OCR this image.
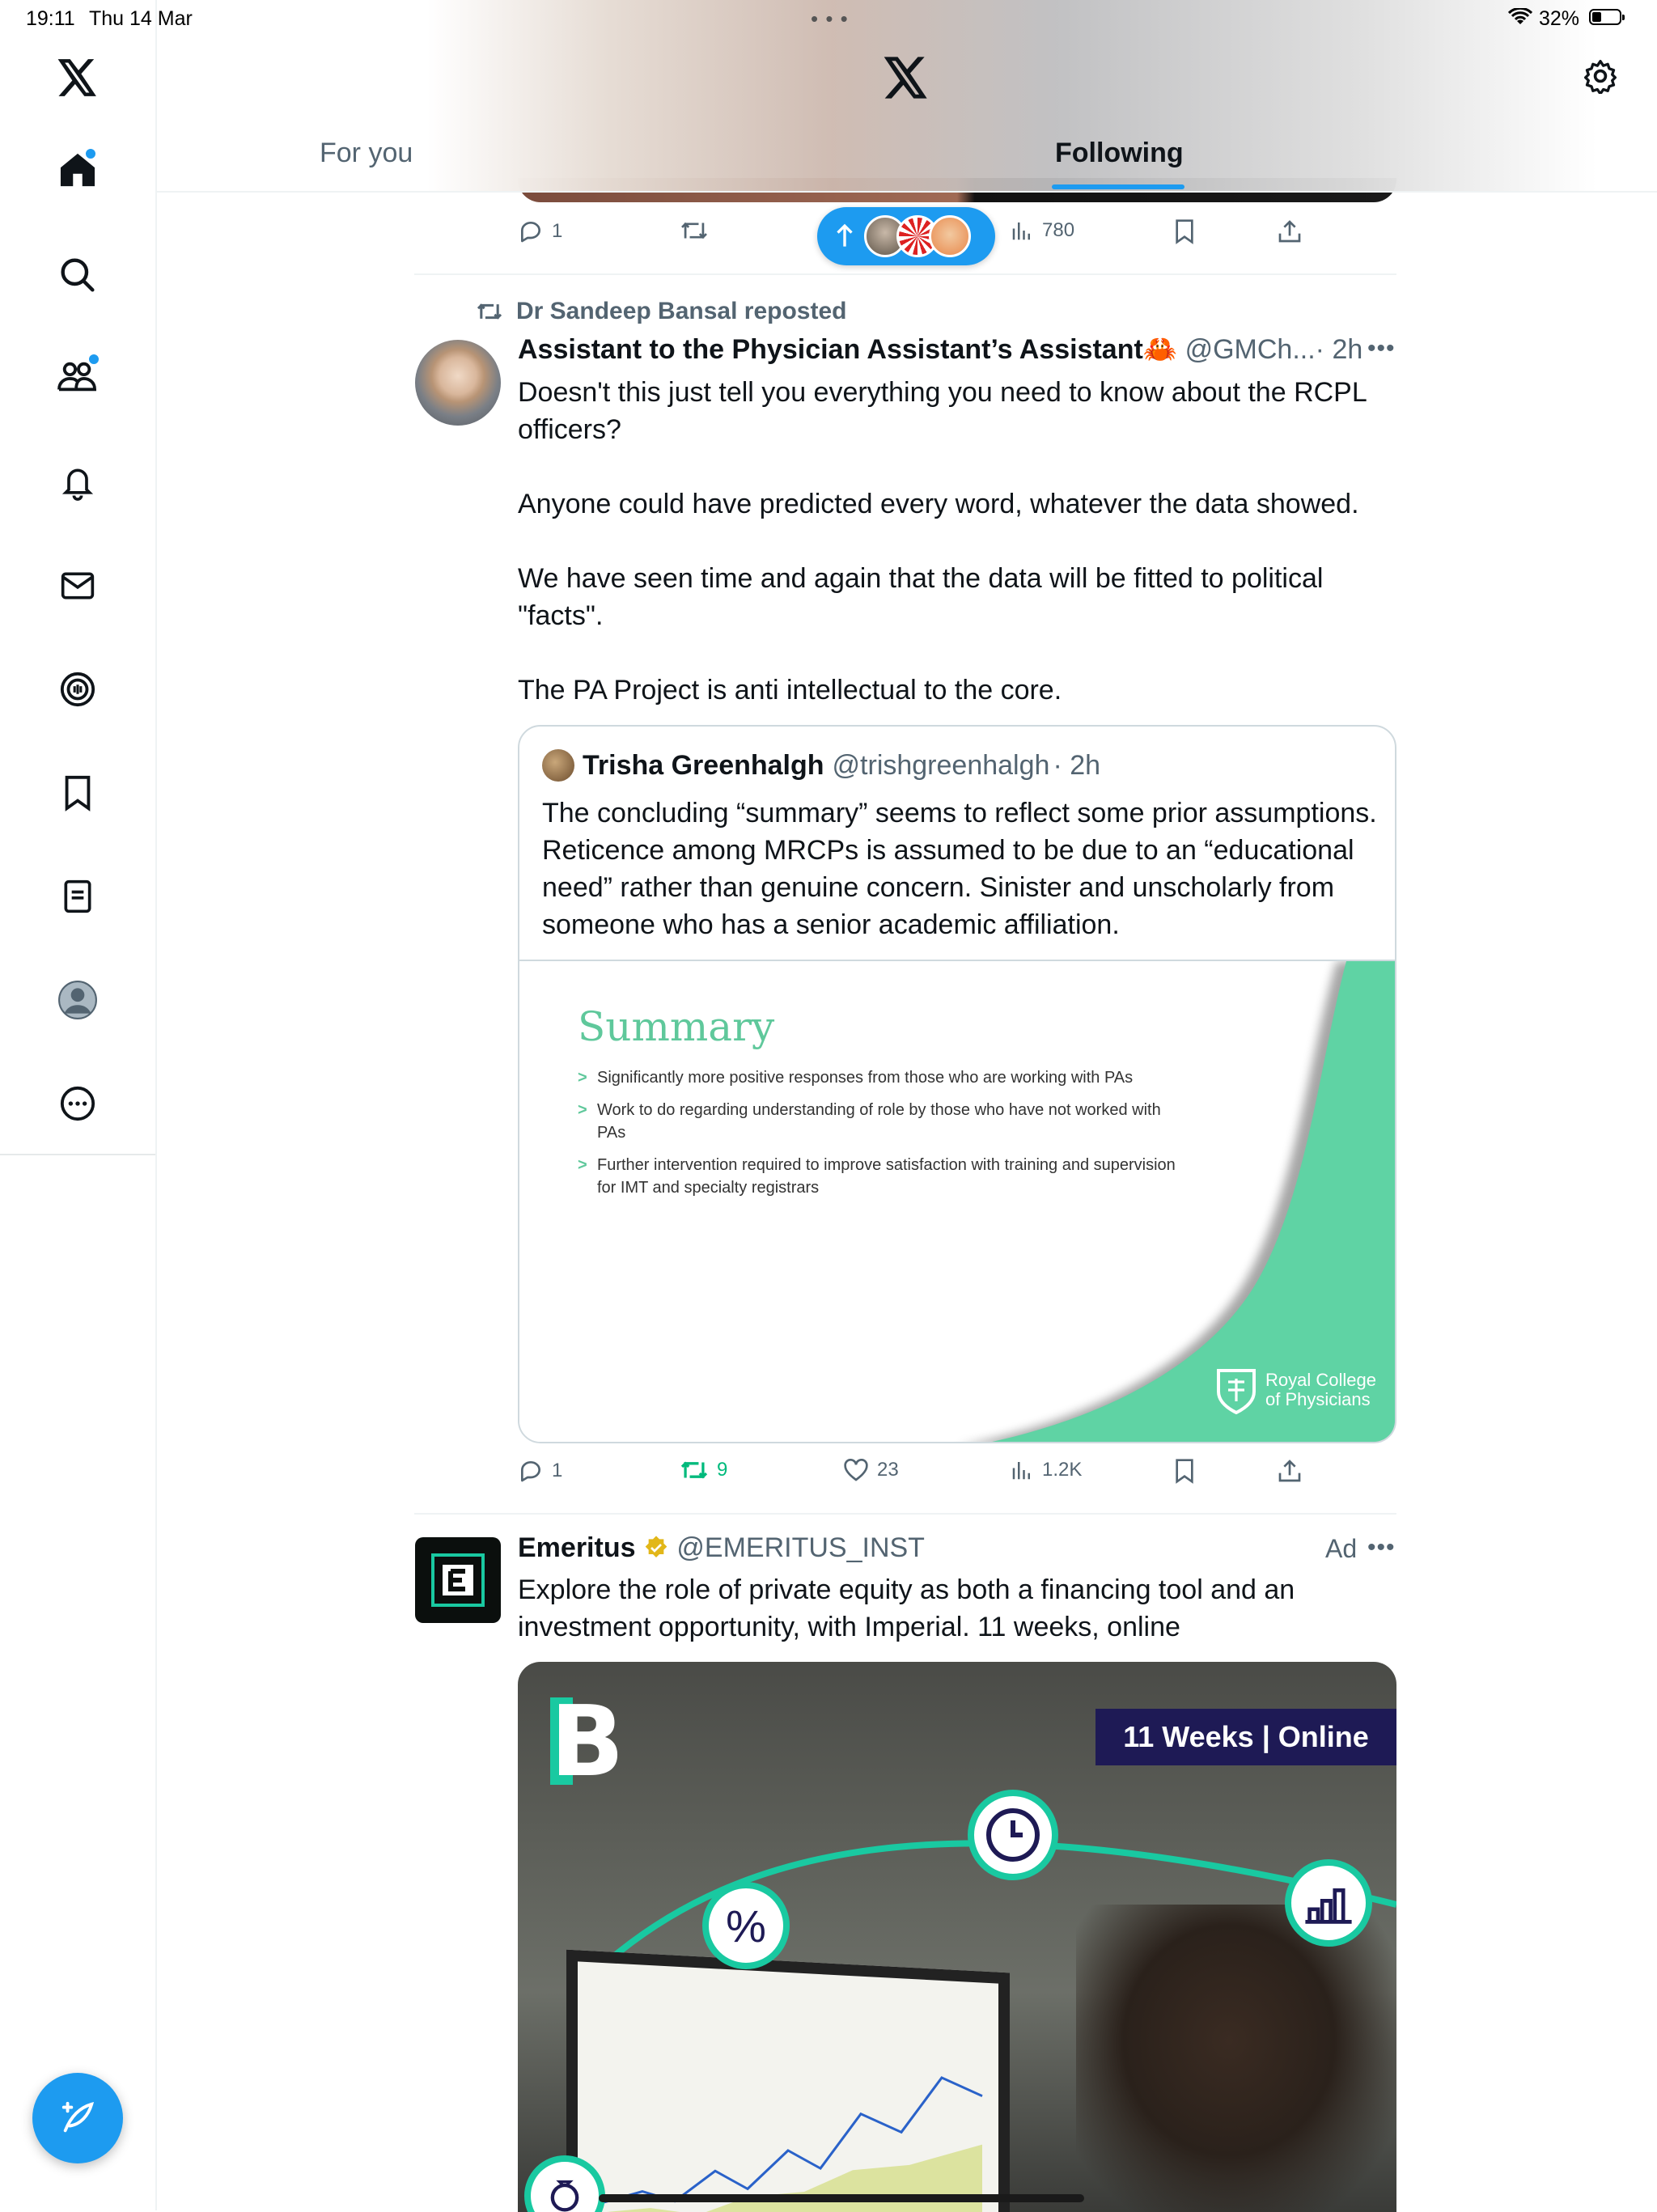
19:11 Thu 14 Mar	• • •	32%
For you	Following
1	780
Dr Sandeep Bansal reposted
Assistant to the Physician Assistant’s Assistant🦀 @GMCh...· 2h •••
Doesn't this just tell you everything you need to know about the RCPL officers?
Anyone could have predicted every word, whatever the data showed.
We have seen time and again that the data will be fitted to political "facts".
The PA Project is anti intellectual to the core.
Trisha Greenhalgh @trishgreenhalgh · 2h
The concluding “summary” seems to reflect some prior assumptions. Reticence among MRCPs is assumed to be due to an “educational need” rather than genuine concern. Sinister and unscholarly from someone who has a senior academic affiliation.
Summary
> Significantly more positive responses from those who are working with PAs
> Work to do regarding understanding of role by those who have not worked with PAs
> Further intervention required to improve satisfaction with training and supervision for IMT and specialty registrars
Royal College
of Physicians
1	9	23	1.2K
Emeritus @EMERITUS_INST	Ad •••
Explore the role of private equity as both a financing tool and an investment opportunity, with Imperial. 11 weeks, online
B	11 Weeks | Online
%
